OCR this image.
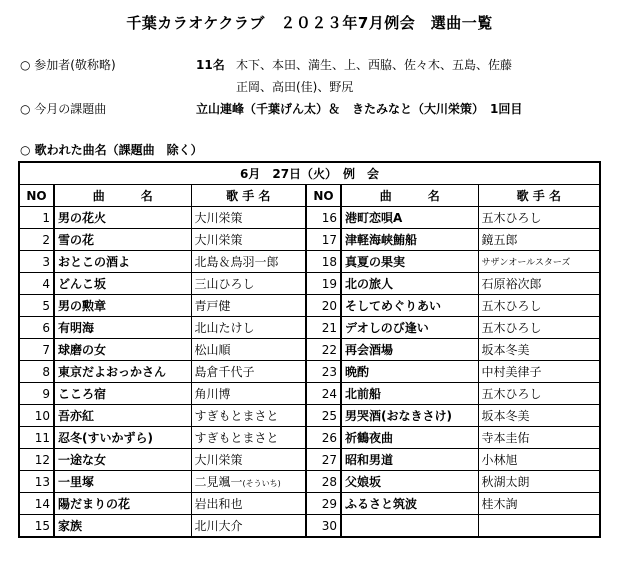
千葉カラオケクラブ　２０２３年7月例会　選曲一覧
○ 参加者(敬称略)	11名 木下、本田、満生、上、西脇、佐々木、五島、佐藤
正岡、高田(佳)、野尻
○ 今月の課題曲	立山連峰（千葉げん太）＆　きたみなと（大川栄策）　1回目
○ 歌われた曲名（課題曲　除く）
6月　27日（火）　例　会					
NO	曲　　　名	歌 手 名	NO	曲　　　名	歌 手 名
1	男の花火	大川栄策	16	港町恋唄A	五木ひろし
2	雪の花	大川栄策	17	津軽海峡鮪船	鏡五郎
3	おとこの酒よ	北島＆鳥羽一郎	18	真夏の果実	サザンオールスターズ
4	どんこ坂	三山ひろし	19	北の旅人	石原裕次郎
5	男の勲章	青戸健	20	そしてめぐりあい	五木ひろし
6	有明海	北山たけし	21	デオしのび逢い	五木ひろし
7	球磨の女	松山順	22	再会酒場	坂本冬美
8	東京だよおっかさん	島倉千代子	23	晩酌	中村美律子
9	こころ宿	角川博	24	北前船	五木ひろし
10	吾亦紅	すぎもとまさと	25	男哭酒(おなきさけ)	坂本冬美
11	忍冬(すいかずら)	すぎもとまさと	26	祈鶴夜曲	寺本圭佑
12	一途な女	大川栄策	27	昭和男道	小林旭
13	一里塚	二見颯一(そういち)	28	父娘坂	秋湖太朗
14	陽だまりの花	岩出和也	29	ふるさと筑波	桂木詢
15	家族	北川大介	30		
